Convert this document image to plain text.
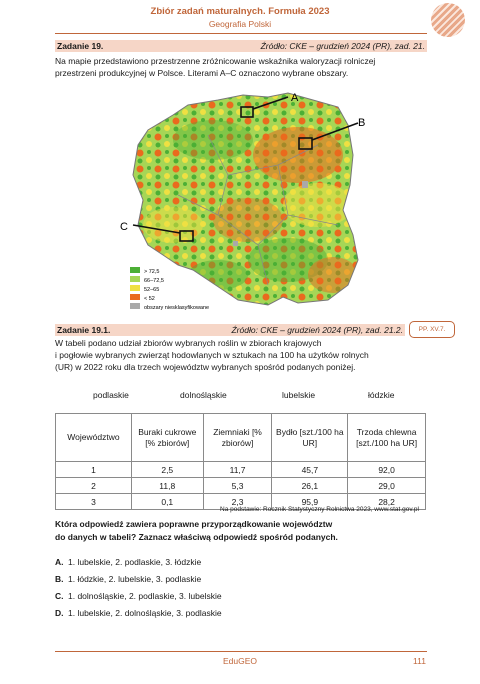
Zbiór zadań maturalnych. Formuła 2023
Geografia Polski
Zadanie 19.	Źródło: CKE – grudzień 2024 (PR), zad. 21.
Na mapie przedstawiono przestrzenne zróżnicowanie wskaźnika waloryzacji rolniczej
przestrzeni produkcyjnej w Polsce. Literami A–C oznaczono wybrane obszary.
A
B
C
> 72,5
66–72,5
52–65
< 52
obszary niesklasyfikowane
Zadanie 19.1.	Źródło: CKE – grudzień 2024 (PR), zad. 21.2.	PP. XV.7.
W tabeli podano udział zbiorów wybranych roślin w zbiorach krajowych
i pogłowie wybranych zwierząt hodowlanych w sztukach na 100 ha użytków rolnych
(UR) w 2022 roku dla trzech województw wybranych spośród podanych poniżej.
podlaskie	dolnośląskie	lubelskie	łódzkie
Województwo	Buraki cukrowe [% zbiorów]	Ziemniaki [% zbiorów]	Bydło [szt./100 ha UR]	Trzoda chlewna [szt./100 ha UR]
1	2,5	11,7	45,7	92,0
2	11,8	5,3	26,1	29,0
3	0,1	2,3	95,9	28,2
Na podstawie: Rocznik Statystyczny Rolnictwa 2023, www.stat.gov.pl
Która odpowiedź zawiera poprawne przyporządkowanie województw
do danych w tabeli? Zaznacz właściwą odpowiedź spośród podanych.
A. 1. lubelskie, 2. podlaskie, 3. łódzkie
B. 1. łódzkie, 2. lubelskie, 3. podlaskie
C. 1. dolnośląskie, 2. podlaskie, 3. lubelskie
D. 1. lubelskie, 2. dolnośląskie, 3. podlaskie
EduGEO	111
